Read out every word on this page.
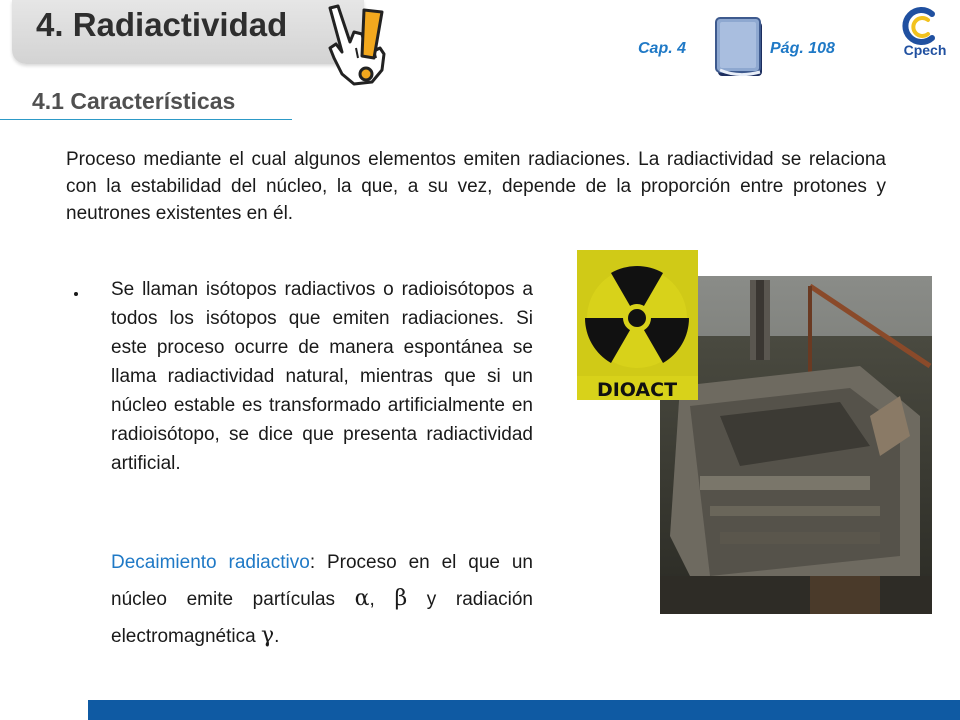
4. Radiactividad
4.1 Características
Cap. 4	Pág. 108	Cpech
Proceso mediante el cual algunos elementos emiten radiaciones. La radiactividad se relaciona con la estabilidad del núcleo, la que, a su vez, depende de la proporción entre protones y neutrones existentes en él.
Se llaman isótopos radiactivos o radioisótopos a todos los isótopos que emiten radiaciones. Si este proceso ocurre de manera espontánea se llama radiactividad natural, mientras que si un núcleo estable es transformado artificialmente en radioisótopo, se dice que presenta radiactividad artificial.
Decaimiento radiactivo: Proceso en el que un núcleo emite partículas α, β y radiación electromagnética γ.
DIOACT
